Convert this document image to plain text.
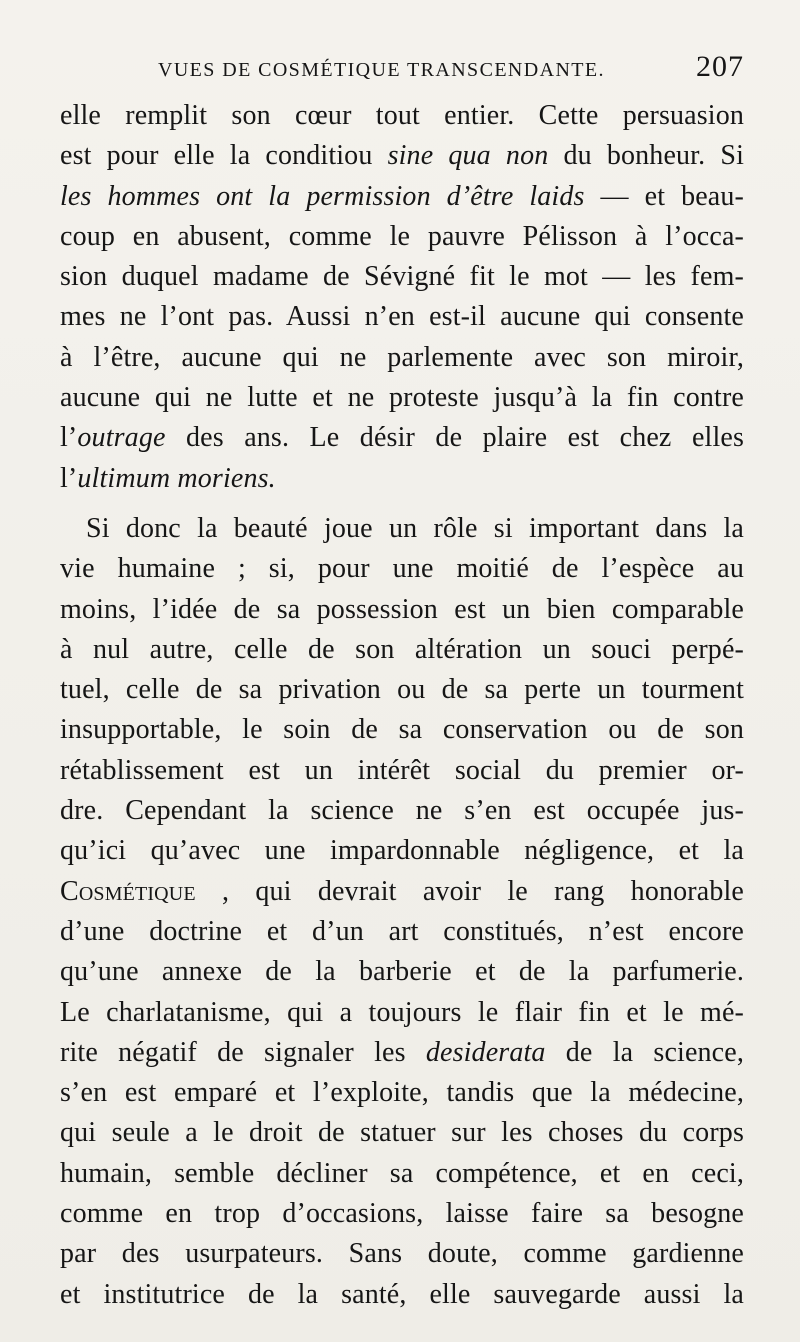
VUES DE COSMÉTIQUE TRANSCENDANTE.	207
elle remplit son cœur tout entier. Cette persuasion
est pour elle la conditiou sine qua non du bonheur. Si
les hommes ont la permission d’être laids — et beau-
coup en abusent, comme le pauvre Pélisson à l’occa-
sion duquel madame de Sévigné fit le mot — les fem-
mes ne l’ont pas. Aussi n’en est-il aucune qui consente
à l’être, aucune qui ne parlemente avec son miroir,
aucune qui ne lutte et ne proteste jusqu’à la fin contre
l’outrage des ans. Le désir de plaire est chez elles
l’ultimum moriens.
Si donc la beauté joue un rôle si important dans la
vie humaine ; si, pour une moitié de l’espèce au
moins, l’idée de sa possession est un bien comparable
à nul autre, celle de son altération un souci perpé-
tuel, celle de sa privation ou de sa perte un tourment
insupportable, le soin de sa conservation ou de son
rétablissement est un intérêt social du premier or-
dre. Cependant la science ne s’en est occupée jus-
qu’ici qu’avec une impardonnable négligence, et la
Cosmétique , qui devrait avoir le rang honorable
d’une doctrine et d’un art constitués, n’est encore
qu’une annexe de la barberie et de la parfumerie.
Le charlatanisme, qui a toujours le flair fin et le mé-
rite négatif de signaler les desiderata de la science,
s’en est emparé et l’exploite, tandis que la médecine,
qui seule a le droit de statuer sur les choses du corps
humain, semble décliner sa compétence, et en ceci,
comme en trop d’occasions, laisse faire sa besogne
par des usurpateurs. Sans doute, comme gardienne
et institutrice de la santé, elle sauvegarde aussi la
